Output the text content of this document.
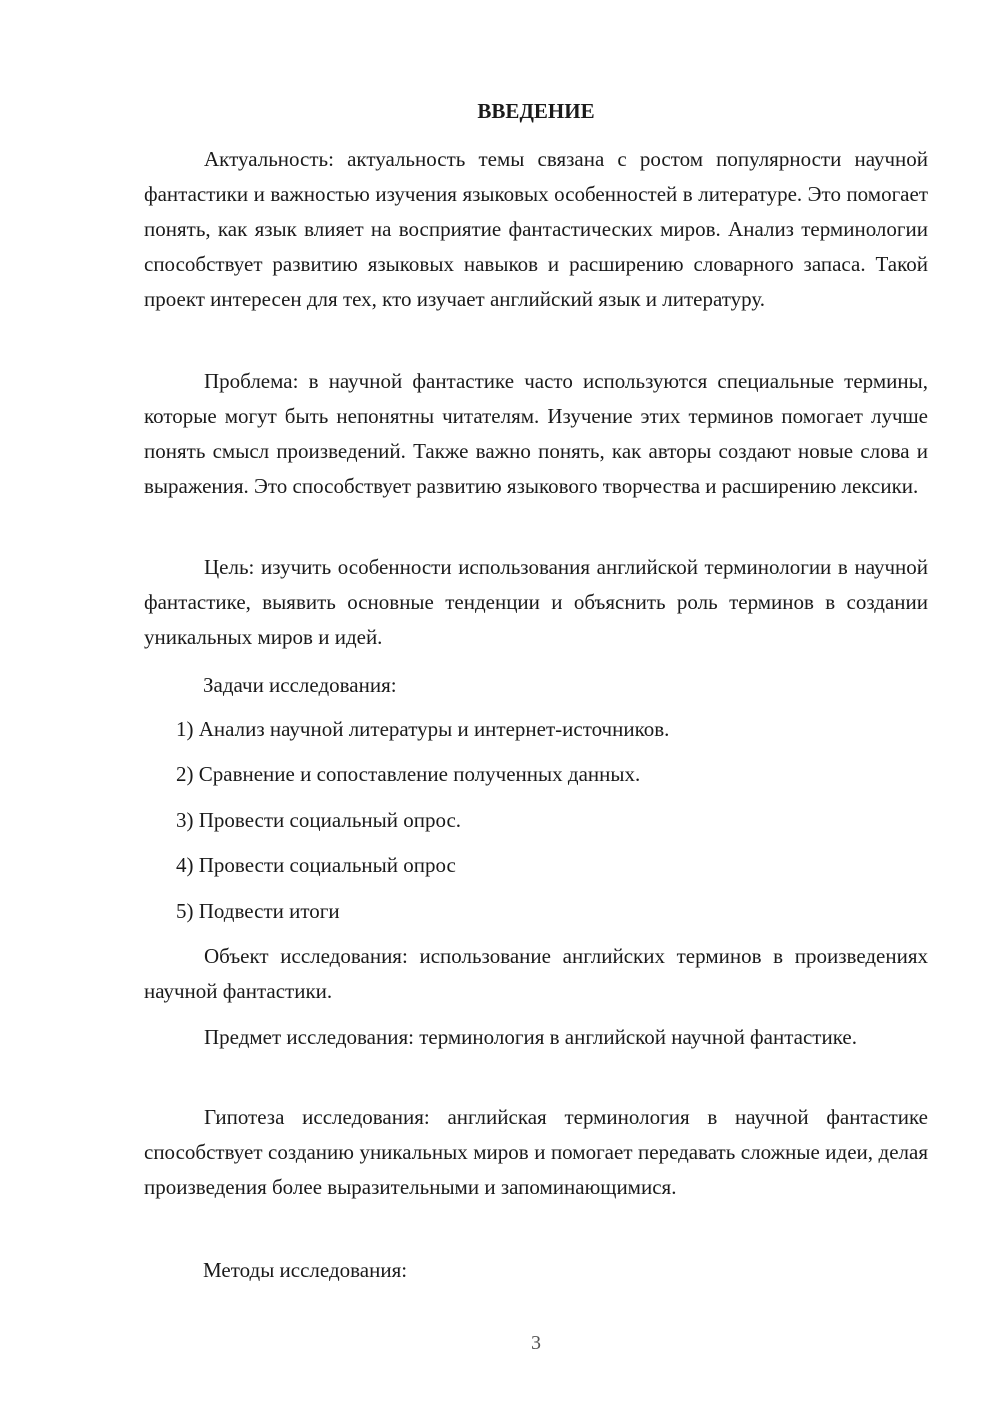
ВВЕДЕНИЕ

Актуальность: актуальность темы связана с ростом популярности научной фантастики и важностью изучения языковых особенностей в литературе. Это помогает понять, как язык влияет на восприятие фантастических миров. Анализ терминологии способствует развитию языковых навыков и расширению словарного запаса. Такой проект интересен для тех, кто изучает английский язык и литературу.

Проблема: в научной фантастике часто используются специальные термины, которые могут быть непонятны читателям. Изучение этих терминов помогает лучше понять смысл произведений. Также важно понять, как авторы создают новые слова и выражения. Это способствует развитию языкового творчества и расширению лексики.

Цель: изучить особенности использования английской терминологии в научной фантастике, выявить основные тенденции и объяснить роль терминов в создании уникальных миров и идей.

Задачи исследования:
1) Анализ научной литературы и интернет-источников.
2) Сравнение и сопоставление полученных данных.
3) Провести социальный опрос.
4) Провести социальный опрос
5) Подвести итоги

Объект исследования: использование английских терминов в произведениях научной фантастики.

Предмет исследования: терминология в английской научной фантастике.

Гипотеза исследования: английская терминология в научной фантастике способствует созданию уникальных миров и помогает передавать сложные идеи, делая произведения более выразительными и запоминающимися.

Методы исследования:
3
